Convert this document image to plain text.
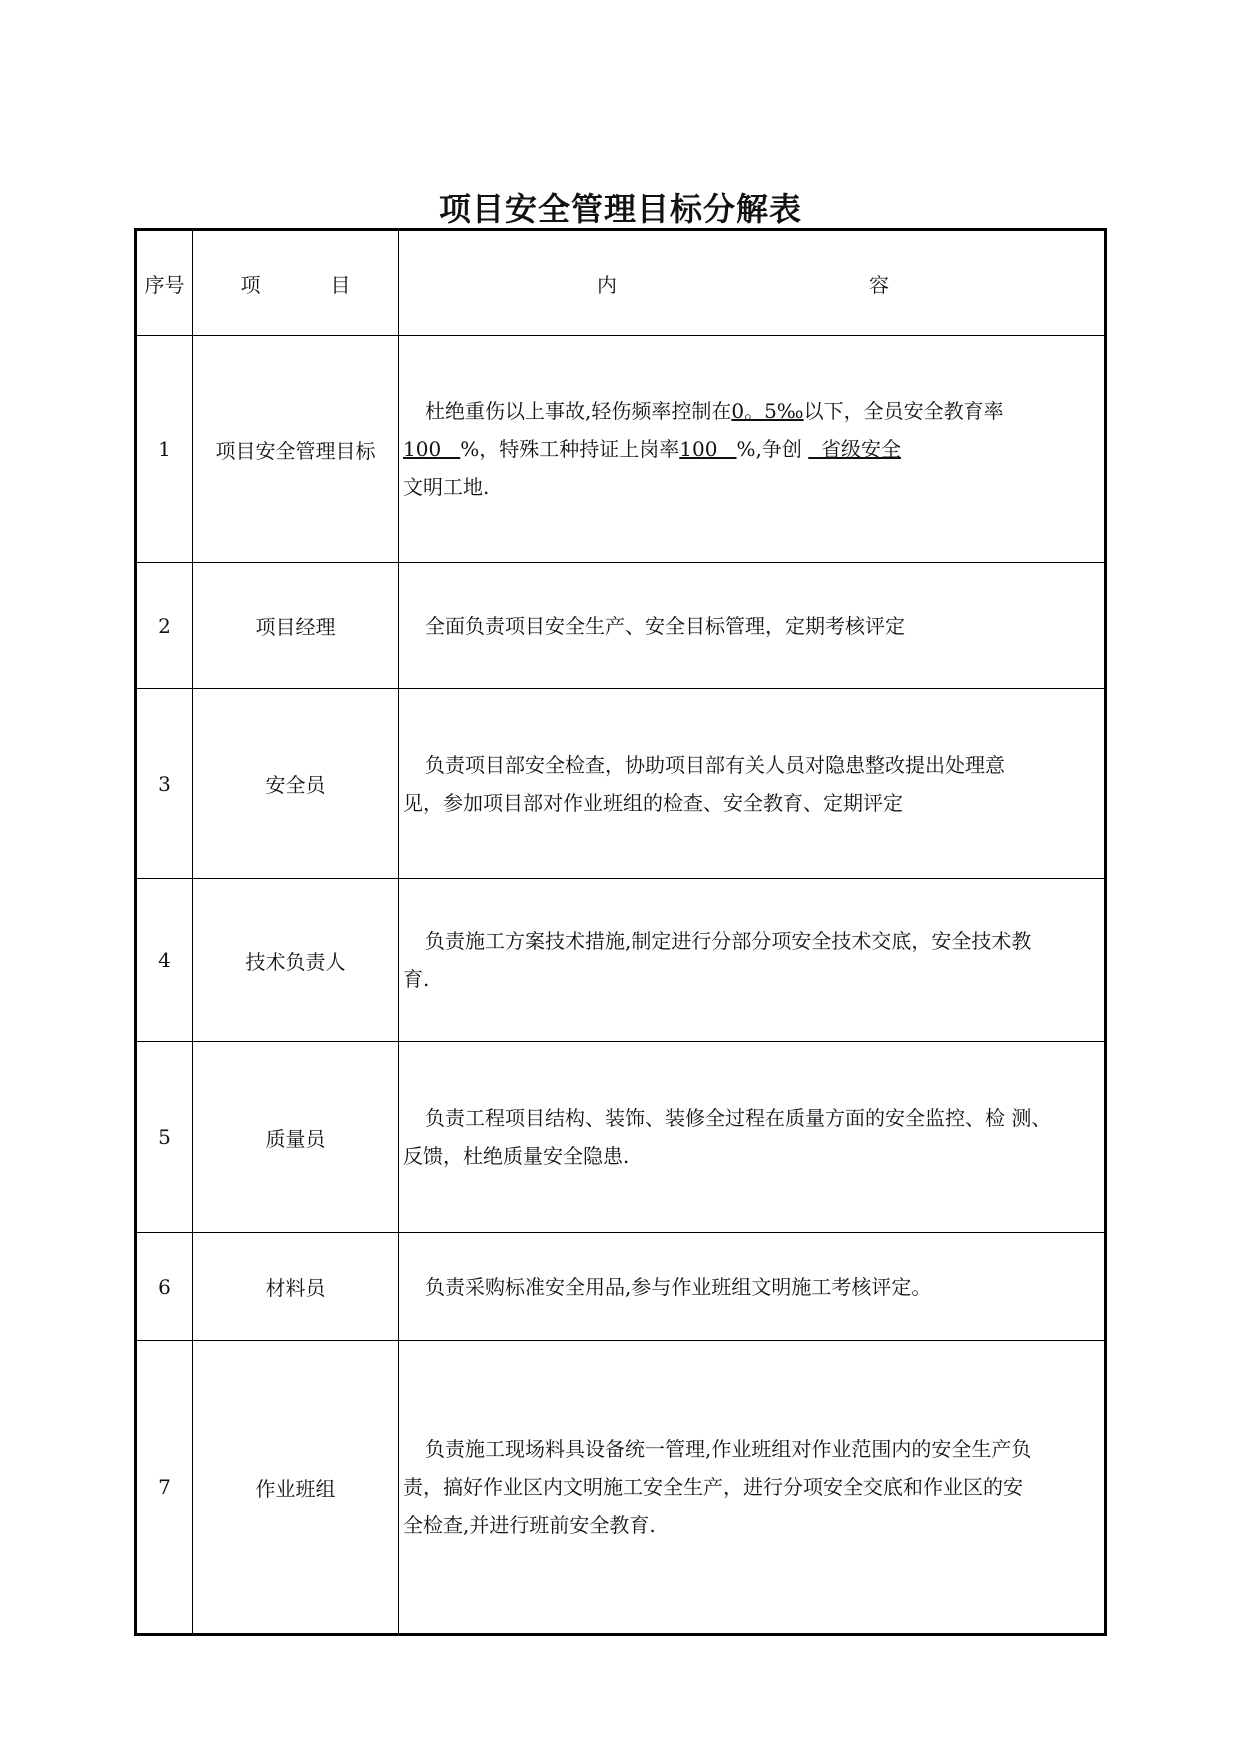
项目安全管理目标分解表
序号	项 目	内 容
1	项目安全管理目标	杜绝重伤以上事故,轻伤频率控制在0。5‰以下，全员安全教育率
100   %，特殊工种持证上岗率100   %,争创   省级安全
文明工地.
2	项目经理	全面负责项目安全生产、安全目标管理，定期考核评定
3	安全员	负责项目部安全检查，协助项目部有关人员对隐患整改提出处理意
见，参加项目部对作业班组的检查、安全教育、定期评定
4	技术负责人	负责施工方案技术措施,制定进行分部分项安全技术交底，安全技术教
育.
5	质量员	负责工程项目结构、装饰、装修全过程在质量方面的安全监控、检 测、
反馈，杜绝质量安全隐患.
6	材料员	负责采购标准安全用品,参与作业班组文明施工考核评定。
7	作业班组	负责施工现场料具设备统一管理,作业班组对作业范围内的安全生产负
责，搞好作业区内文明施工安全生产，进行分项安全交底和作业区的安
全检查,并进行班前安全教育.
